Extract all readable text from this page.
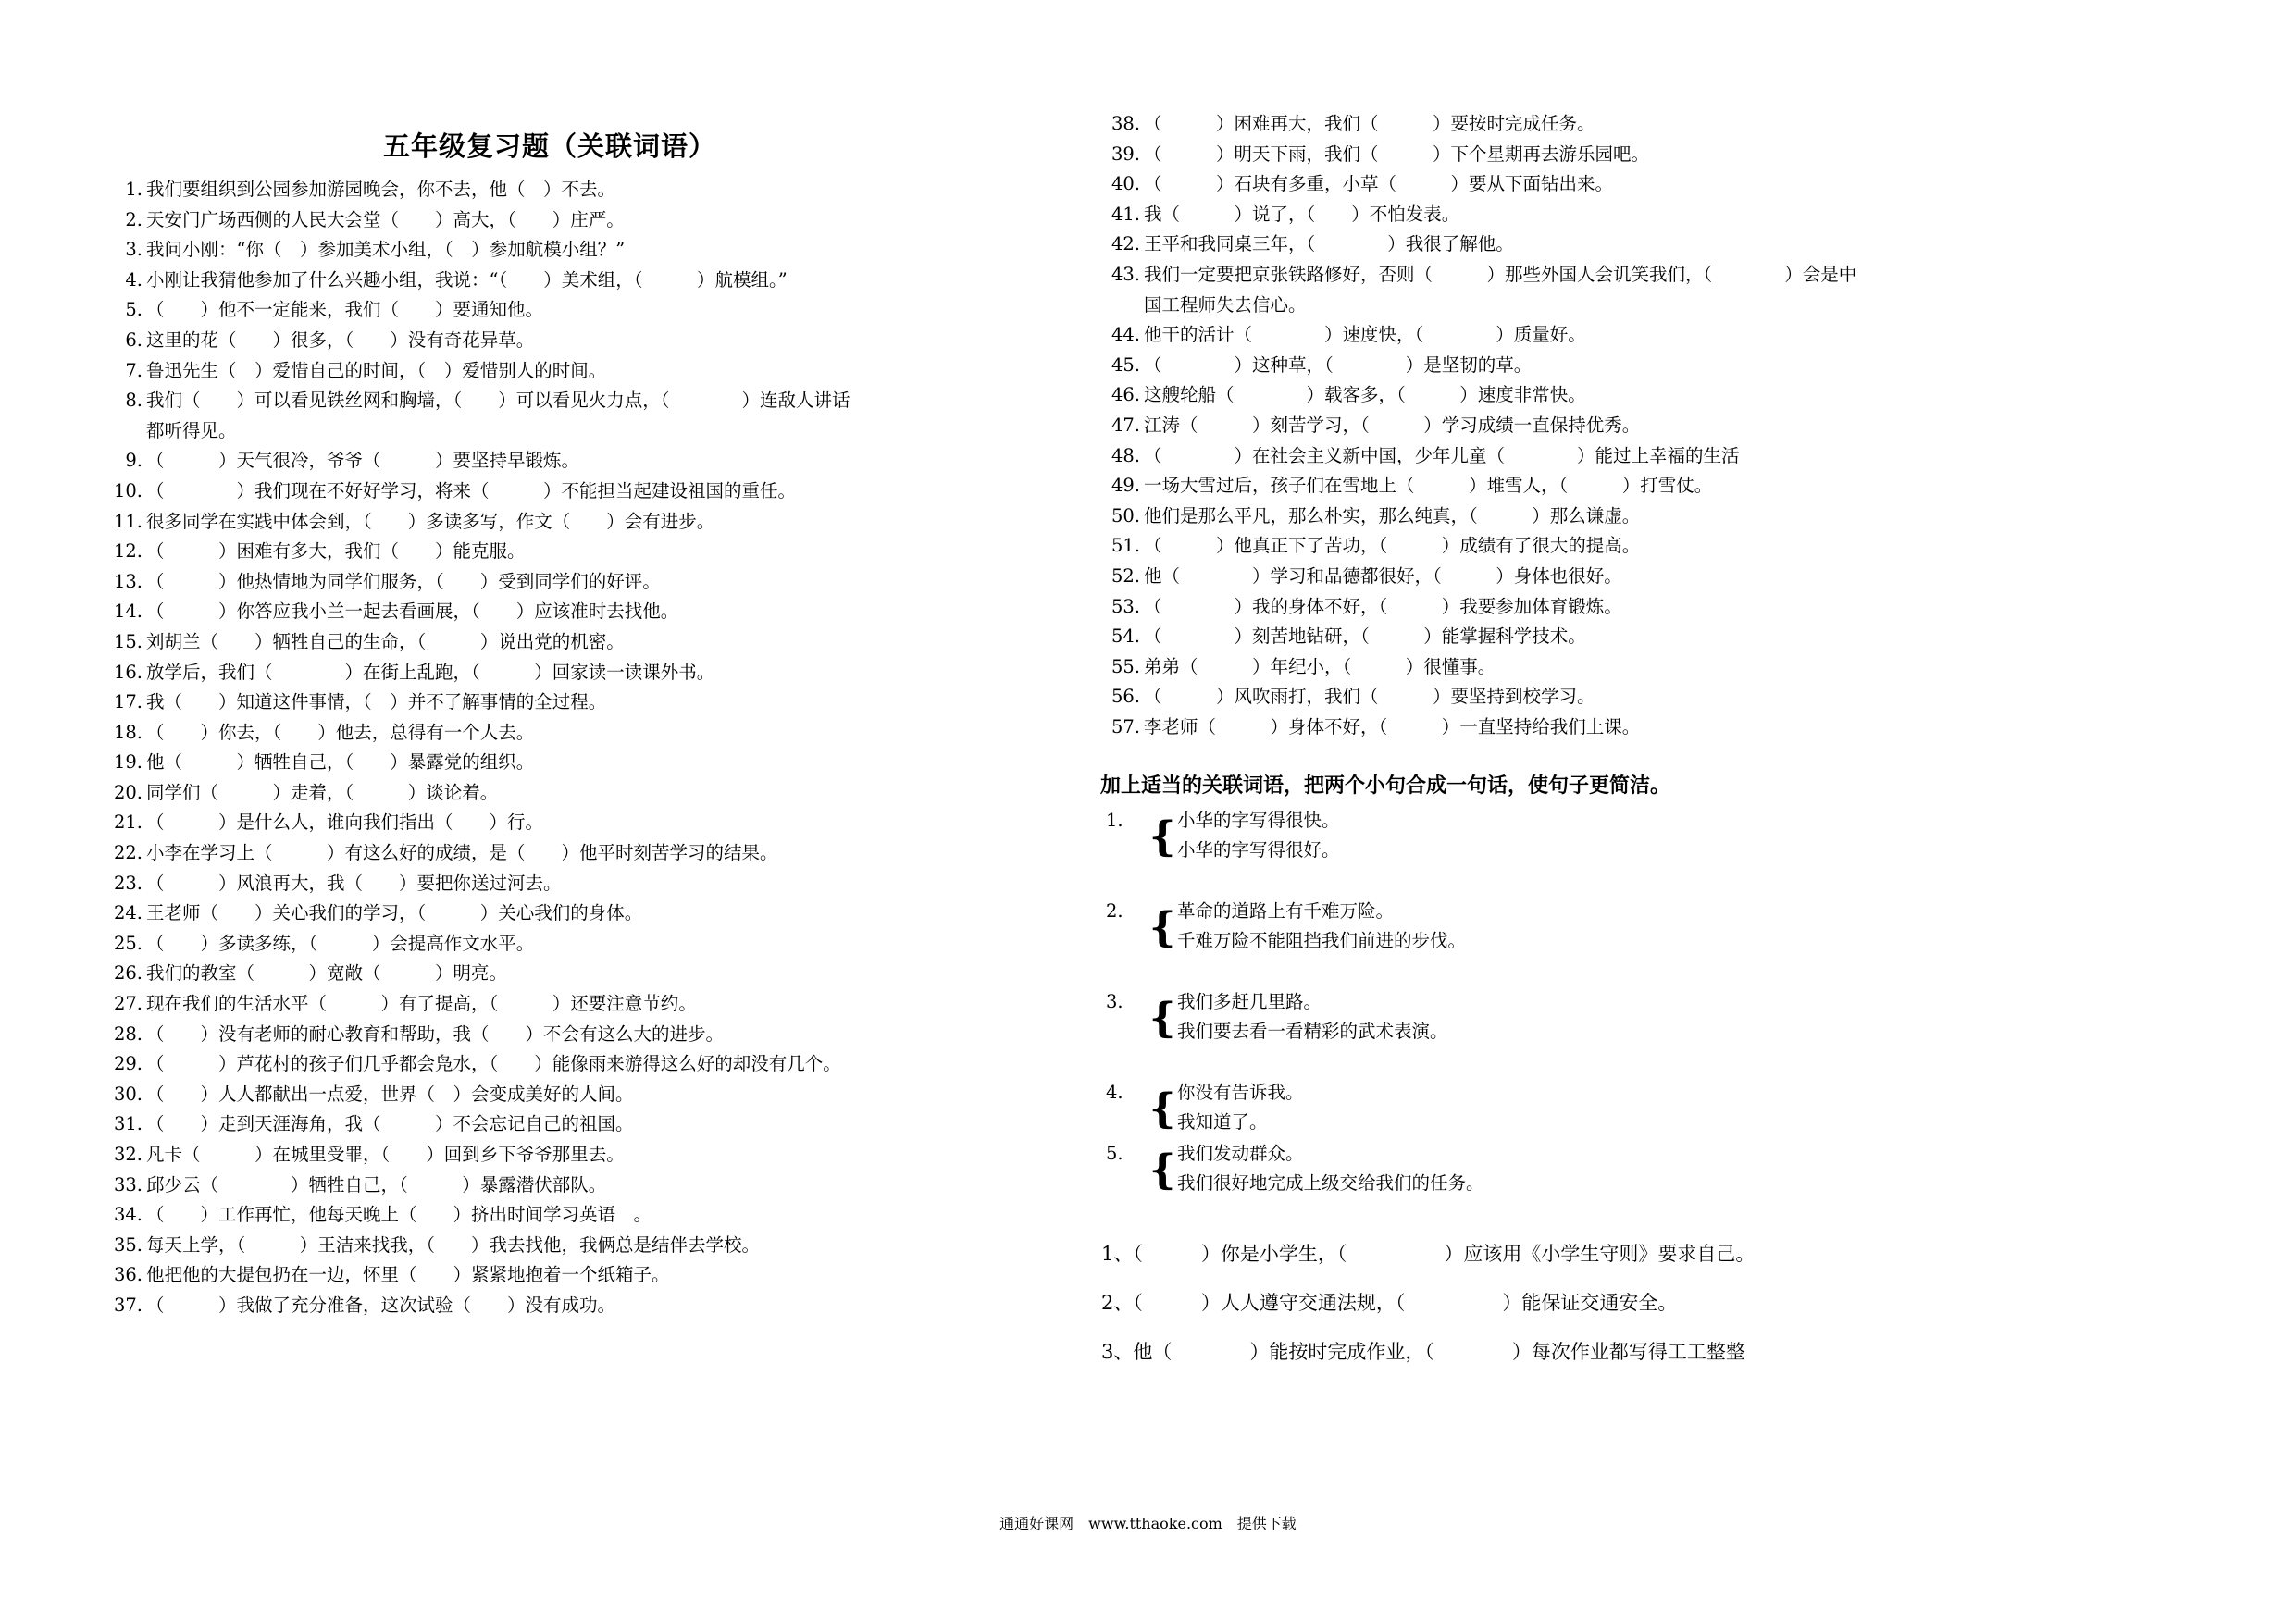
五年级复习题（关联词语）
1. 我们要组织到公园参加游园晚会，你不去，他（　）不去。
2. 天安门广场西侧的人民大会堂（　　）高大，（　　）庄严。
3. 我问小刚：“你（　）参加美术小组，（　）参加航模小组？”
4. 小刚让我猜他参加了什么兴趣小组，我说：“（　　）美术组，（　　　）航模组。”
5. （　　）他不一定能来，我们（　　）要通知他。
6. 这里的花（　　）很多，（　　）没有奇花异草。
7. 鲁迅先生（　）爱惜自己的时间，（　）爱惜别人的时间。
8. 我们（　　）可以看见铁丝网和胸墙，（　　）可以看见火力点，（　　　　）连敌人讲话
都听得见。
9. （　　　）天气很冷，爷爷（　　　）要坚持早锻炼。
10. （　　　　）我们现在不好好学习，将来（　　　）不能担当起建设祖国的重任。
11. 很多同学在实践中体会到，（　　）多读多写，作文（　　）会有进步。
12. （　　　）困难有多大，我们（　　）能克服。
13. （　　　）他热情地为同学们服务，（　　）受到同学们的好评。
14. （　　　）你答应我小兰一起去看画展，（　　）应该准时去找他。
15. 刘胡兰（　　）牺牲自己的生命，（　　　）说出党的机密。
16. 放学后，我们（　　　　）在街上乱跑，（　　　）回家读一读课外书。
17. 我（　　）知道这件事情，（　）并不了解事情的全过程。
18. （　　）你去，（　　）他去，总得有一个人去。
19. 他（　　　）牺牲自己，（　　）暴露党的组织。
20. 同学们（　　　）走着，（　　　）谈论着。
21. （　　　）是什么人，谁向我们指出（　　）行。
22. 小李在学习上（　　　）有这么好的成绩，是（　　）他平时刻苦学习的结果。
23. （　　　）风浪再大，我（　　）要把你送过河去。
24. 王老师（　　）关心我们的学习，（　　　）关心我们的身体。
25. （　　）多读多练，（　　　）会提高作文水平。
26. 我们的教室（　　　）宽敞（　　　）明亮。
27. 现在我们的生活水平（　　　）有了提高，（　　　）还要注意节约。
28. （　　）没有老师的耐心教育和帮助，我（　　）不会有这么大的进步。
29. （　　　）芦花村的孩子们几乎都会凫水，（　　）能像雨来游得这么好的却没有几个。
30. （　　）人人都献出一点爱，世界（　）会变成美好的人间。
31. （　　）走到天涯海角，我（　　　）不会忘记自己的祖国。
32. 凡卡（　　　）在城里受罪，（　　）回到乡下爷爷那里去。
33. 邱少云（　　　　）牺牲自己，（　　　）暴露潜伏部队。
34. （　　）工作再忙，他每天晚上（　　）挤出时间学习英语　。
35. 每天上学，（　　　）王洁来找我，（　　）我去找他，我俩总是结伴去学校。
36. 他把他的大提包扔在一边，怀里（　　）紧紧地抱着一个纸箱子。
37. （　　　）我做了充分准备，这次试验（　　）没有成功。
38. （　　　）困难再大，我们（　　　）要按时完成任务。
39. （　　　）明天下雨，我们（　　　）下个星期再去游乐园吧。
40. （　　　）石块有多重，小草（　　　）要从下面钻出来。
41. 我（　　　）说了，（　　）不怕发表。
42. 王平和我同桌三年，（　　　　）我很了解他。
43. 我们一定要把京张铁路修好，否则（　　　）那些外国人会讥笑我们，（　　　　）会是中
国工程师失去信心。
44. 他干的活计（　　　　）速度快，（　　　　）质量好。
45. （　　　　）这种草，（　　　　）是坚韧的草。
46. 这艘轮船（　　　　）载客多，（　　　）速度非常快。
47. 江涛（　　　）刻苦学习，（　　　）学习成绩一直保持优秀。
48. （　　　　）在社会主义新中国，少年儿童（　　　　）能过上幸福的生活
49. 一场大雪过后，孩子们在雪地上（　　　）堆雪人，（　　　）打雪仗。
50. 他们是那么平凡，那么朴实，那么纯真，（　　　）那么谦虚。
51. （　　　）他真正下了苦功，（　　　）成绩有了很大的提高。
52. 他（　　　　）学习和品德都很好，（　　　）身体也很好。
53. （　　　　）我的身体不好，（　　　）我要参加体育锻炼。
54. （　　　　）刻苦地钻研，（　　　）能掌握科学技术。
55. 弟弟（　　　）年纪小，（　　　）很懂事。
56. （　　　）风吹雨打，我们（　　　）要坚持到校学习。
57. 李老师（　　　）身体不好，（　　　）一直坚持给我们上课。
加上适当的关联词语，把两个小句合成一句话，使句子更简洁。
1. { 小华的字写得很快。
小华的字写得很好。
2. { 革命的道路上有千难万险。
千难万险不能阻挡我们前进的步伐。
3. { 我们多赶几里路。
我们要去看一看精彩的武术表演。
4. { 你没有告诉我。
我知道了。
5. { 我们发动群众。
我们很好地完成上级交给我们的任务。
1、（　　　）你是小学生，（　　　　　）应该用《小学生守则》要求自己。
2、（　　　）人人遵守交通法规，（　　　　　）能保证交通安全。
3、他（　　　　）能按时完成作业，（　　　　）每次作业都写得工工整整
通通好课网　www.tthaoke.com　提供下载
